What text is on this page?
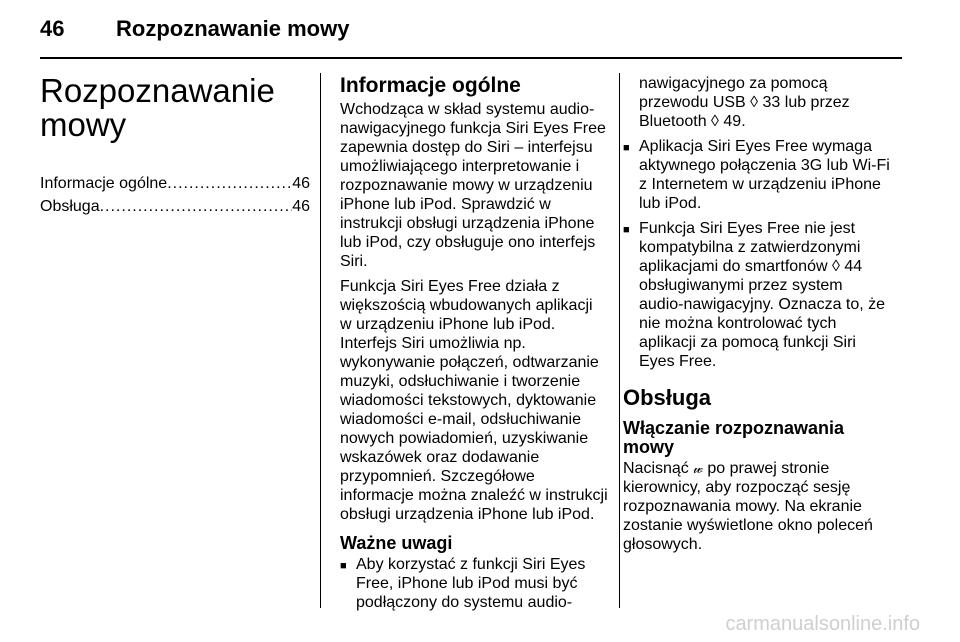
46 Rozpoznawanie mowy
Rozpoznawanie
mowy
Informacje ogólne .....	46
Obsługa .....	46
Informacje ogólne

Wchodząca w skład systemu audio-
nawigacyjnego funkcja Siri Eyes Free
zapewnia dostęp do Siri – interfejsu
umożliwiającego interpretowanie i
rozpoznawanie mowy w urządzeniu
iPhone lub iPod. Sprawdzić w
instrukcji obsługi urządzenia iPhone
lub iPod, czy obsługuje ono interfejs
Siri.

Funkcja Siri Eyes Free działa z
większością wbudowanych aplikacji
w urządzeniu iPhone lub iPod.
Interfejs Siri umożliwia np.
wykonywanie połączeń, odtwarzanie
muzyki, odsłuchiwanie i tworzenie
wiadomości tekstowych, dyktowanie
wiadomości e-mail, odsłuchiwanie
nowych powiadomień, uzyskiwanie
wskazówek oraz dodawanie
przypomnień. Szczegółowe
informacje można znaleźć w instrukcji
obsługi urządzenia iPhone lub iPod.

Ważne uwagi
■ Aby korzystać z funkcji Siri Eyes
Free, iPhone lub iPod musi być
podłączony do systemu audio-
nawigacyjnego za pomocą
przewodu USB ◊ 33 lub przez
Bluetooth ◊ 49.
■ Aplikacja Siri Eyes Free wymaga
aktywnego połączenia 3G lub Wi-Fi
z Internetem w urządzeniu iPhone
lub iPod.
■ Funkcja Siri Eyes Free nie jest
kompatybilna z zatwierdzonymi
aplikacjami do smartfonów ◊ 44
obsługiwanymi przez system
audio-nawigacyjny. Oznacza to, że
nie można kontrolować tych
aplikacji za pomocą funkcji Siri
Eyes Free.
Obsługa
Włączanie rozpoznawania
mowy

Nacisnąć 𝓌 po prawej stronie
kierownicy, aby rozpocząć sesję
rozpoznawania mowy. Na ekranie
zostanie wyświetlone okno poleceń
głosowych.

carmanualsonline.info
